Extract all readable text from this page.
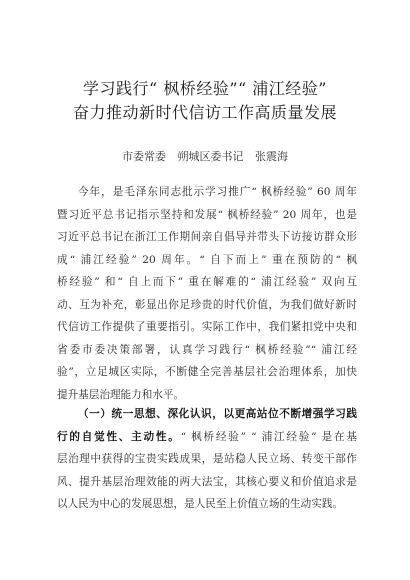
学习践行“ 枫桥经验”“ 浦江经验”
奋力推动新时代信访工作高质量发展
市委常委 朔城区委书记 张震海
今年，是毛泽东同志批示学习推广“ 枫桥经验” 60 周年
暨习近平总书记指示坚持和发展“ 枫桥经验” 20 周年，也是
习近平总书记在浙江工作期间亲自倡导并带头下访接访群众形
成“ 浦江经验” 20 周年。“ 自下而上” 重在预防的“ 枫
桥经验” 和“ 自上而下” 重在解难的“ 浦江经验” 双向互
动、互为补充，彰显出你足珍贵的时代价值，为我们做好新时
代信访工作提供了重要指引。实际工作中，我们紧扣党中央和
省委市委决策部署，认真学习践行“ 枫桥经验”“ 浦江经
验”，立足城区实际，不断健全完善基层社会治理体系，加快
提升基层治理能力和水平。
（一）统一思想、深化认识，以更高站位不断增强学习践
行的自觉性、主动性。“ 枫桥经验” “ 浦江经验” 是在基
层治理中获得的宝贵实践成果，是站稳人民立场、转变干部作
风、提升基层治理效能的两大法宝，其核心要义和价值追求是
以人民为中心的发展思想，是人民至上价值立场的生动实践。
